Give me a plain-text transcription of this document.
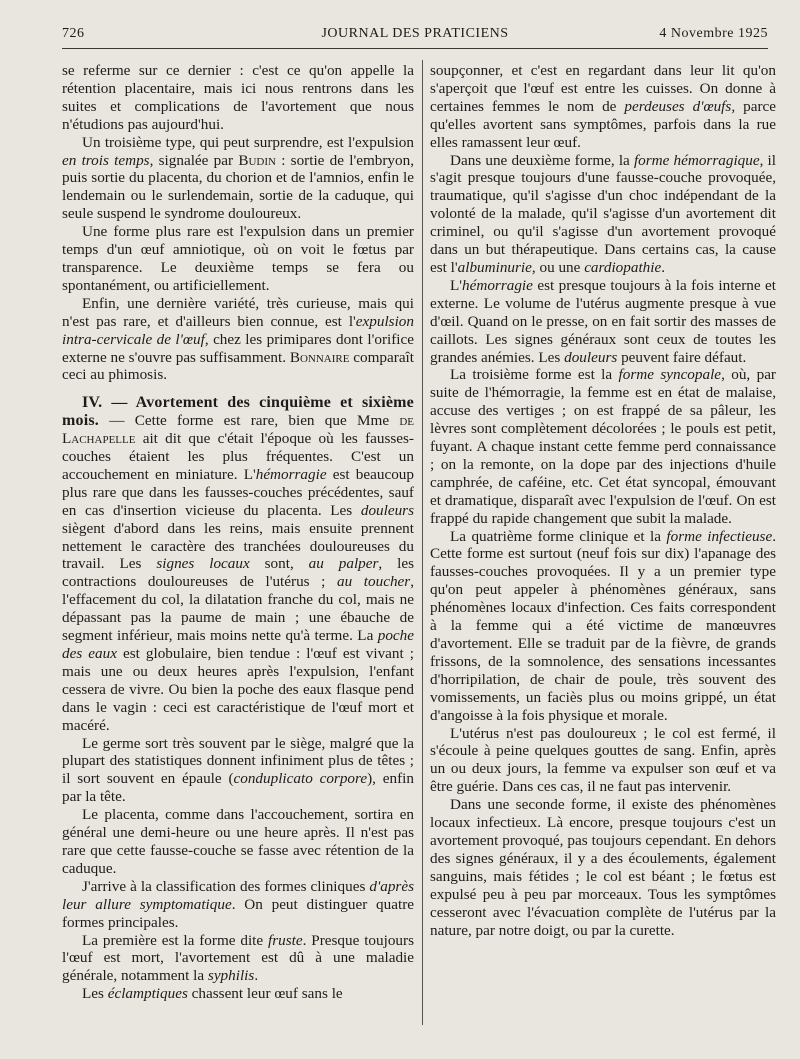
726	JOURNAL DES PRATICIENS	4 Novembre 1925

se referme sur ce dernier : c'est ce qu'on appelle la rétention placentaire, mais ici nous rentrons dans les suites et complications de l'avortement que nous n'étudions pas aujourd'hui.

Un troisième type, qui peut surprendre, est l'expulsion en trois temps, signalée par Budin : sortie de l'embryon, puis sortie du placenta, du chorion et de l'amnios, enfin le lendemain ou le surlendemain, sortie de la caduque, qui seule suspend le syndrome douloureux.

Une forme plus rare est l'expulsion dans un premier temps d'un œuf amniotique, où on voit le fœtus par transparence. Le deuxième temps se fera ou spontanément, ou artificiellement.

Enfin, une dernière variété, très curieuse, mais qui n'est pas rare, et d'ailleurs bien connue, est l'expulsion intra-cervicale de l'œuf, chez les primipares dont l'orifice externe ne s'ouvre pas suffisamment. Bonnaire comparaît ceci au phimosis.

IV. — Avortement des cinquième et sixième mois. — Cette forme est rare, bien que Mme de Lachapelle ait dit que c'était l'époque où les fausses-couches étaient les plus fréquentes. C'est un accouchement en miniature. L'hémorragie est beaucoup plus rare que dans les fausses-couches précédentes, sauf en cas d'insertion vicieuse du placenta. Les douleurs siègent d'abord dans les reins, mais ensuite prennent nettement le caractère des tranchées douloureuses du travail. Les signes locaux sont, au palper, les contractions douloureuses de l'utérus ; au toucher, l'effacement du col, la dilatation franche du col, mais ne dépassant pas la paume de main ; une ébauche de segment inférieur, mais moins nette qu'à terme. La poche des eaux est globulaire, bien tendue : l'œuf est vivant ; mais une ou deux heures après l'expulsion, l'enfant cessera de vivre. Ou bien la poche des eaux flasque pend dans le vagin : ceci est caractéristique de l'œuf mort et macéré.

Le germe sort très souvent par le siège, malgré que la plupart des statistiques donnent infiniment plus de têtes ; il sort souvent en épaule (conduplicato corpore), enfin par la tête.

Le placenta, comme dans l'accouchement, sortira en général une demi-heure ou une heure après. Il n'est pas rare que cette fausse-couche se fasse avec rétention de la caduque.

J'arrive à la classification des formes cliniques d'après leur allure symptomatique. On peut distinguer quatre formes principales.

La première est la forme dite fruste. Presque toujours l'œuf est mort, l'avortement est dû à une maladie générale, notamment la syphilis.

Les éclamptiques chassent leur œuf sans le

soupçonner, et c'est en regardant dans leur lit qu'on s'aperçoit que l'œuf est entre les cuisses. On donne à certaines femmes le nom de perdeuses d'œufs, parce qu'elles avortent sans symptômes, parfois dans la rue elles ramassent leur œuf.

Dans une deuxième forme, la forme hémorragique, il s'agit presque toujours d'une fausse-couche provoquée, traumatique, qu'il s'agisse d'un choc indépendant de la volonté de la malade, qu'il s'agisse d'un avortement dit criminel, ou qu'il s'agisse d'un avortement provoqué dans un but thérapeutique. Dans certains cas, la cause est l'albuminurie, ou une cardiopathie.

L'hémorragie est presque toujours à la fois interne et externe. Le volume de l'utérus augmente presque à vue d'œil. Quand on le presse, on en fait sortir des masses de caillots. Les signes généraux sont ceux de toutes les grandes anémies. Les douleurs peuvent faire défaut.

La troisième forme est la forme syncopale, où, par suite de l'hémorragie, la femme est en état de malaise, accuse des vertiges ; on est frappé de sa pâleur, les lèvres sont complètement décolorées ; le pouls est petit, fuyant. A chaque instant cette femme perd connaissance ; on la remonte, on la dope par des injections d'huile camphrée, de caféine, etc. Cet état syncopal, émouvant et dramatique, disparaît avec l'expulsion de l'œuf. On est frappé du rapide changement que subit la malade.

La quatrième forme clinique et la forme infectieuse. Cette forme est surtout (neuf fois sur dix) l'apanage des fausses-couches provoquées. Il y a un premier type qu'on peut appeler à phénomènes généraux, sans phénomènes locaux d'infection. Ces faits correspondent à la femme qui a été victime de manœuvres d'avortement. Elle se traduit par de la fièvre, de grands frissons, de la somnolence, des sensations incessantes d'horripilation, de chair de poule, très souvent des vomissements, un faciès plus ou moins grippé, un état d'angoisse à la fois physique et morale.

L'utérus n'est pas douloureux ; le col est fermé, il s'écoule à peine quelques gouttes de sang. Enfin, après un ou deux jours, la femme va expulser son œuf et va être guérie. Dans ces cas, il ne faut pas intervenir.

Dans une seconde forme, il existe des phénomènes locaux infectieux. Là encore, presque toujours c'est un avortement provoqué, pas toujours cependant. En dehors des signes généraux, il y a des écoulements, également sanguins, mais fétides ; le col est béant ; le fœtus est expulsé peu à peu par morceaux. Tous les symptômes cesseront avec l'évacuation complète de l'utérus par la nature, par notre doigt, ou par la curette.
